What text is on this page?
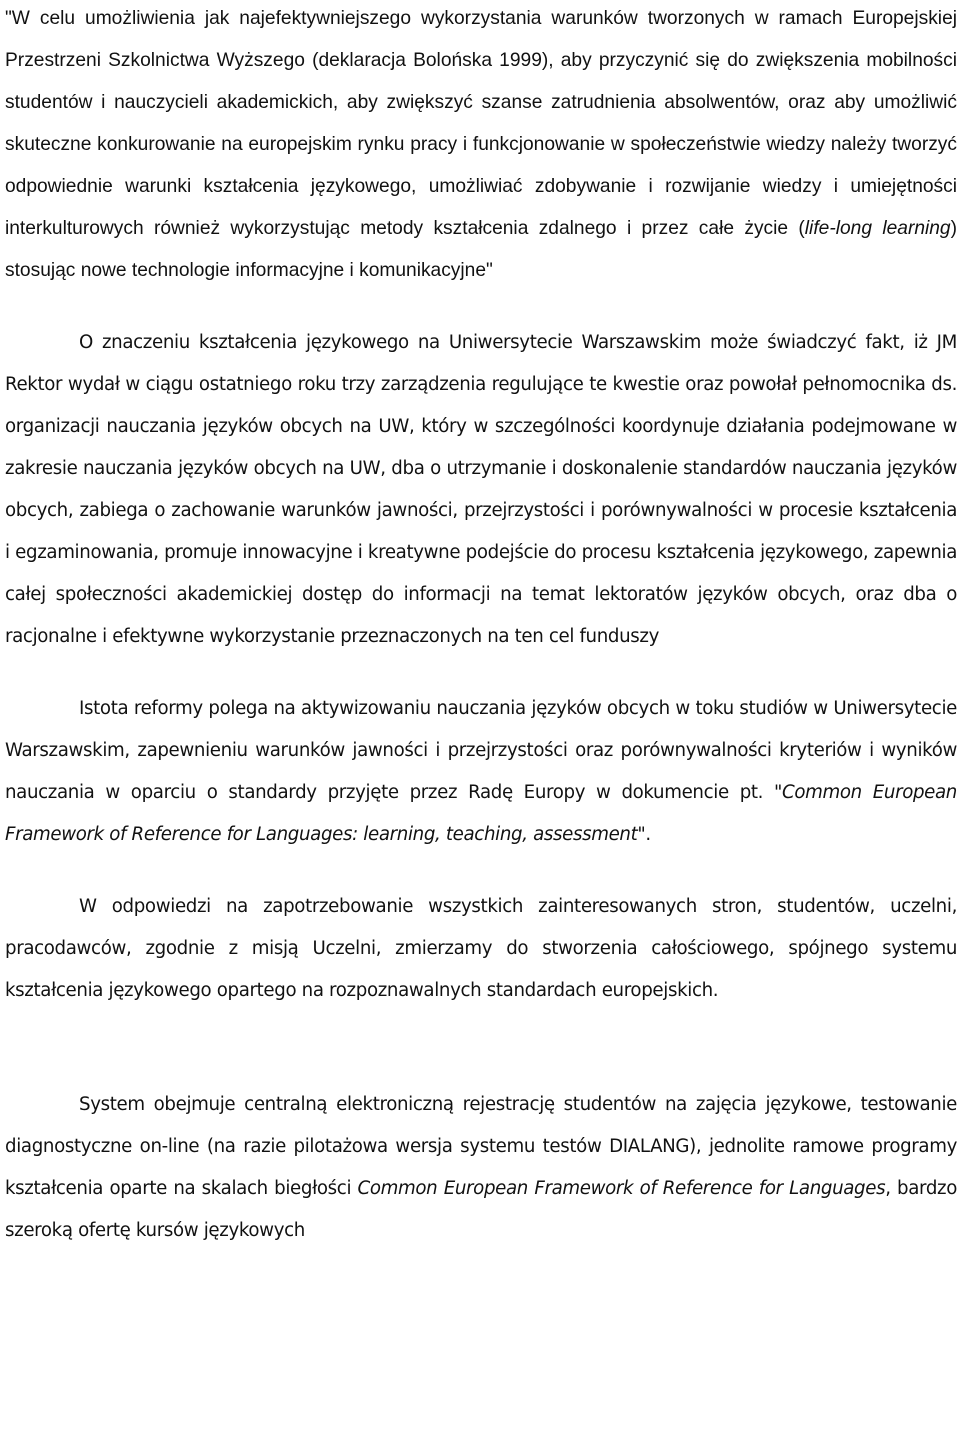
"W celu umożliwienia jak najefektywniejszego wykorzystania warunków tworzonych w ramach Europejskiej Przestrzeni Szkolnictwa Wyższego (deklaracja Bolońska 1999), aby przyczynić się do zwiększenia mobilności studentów i nauczycieli akademickich, aby zwiększyć szanse zatrudnienia absolwentów, oraz aby umożliwić skuteczne konkurowanie na europejskim rynku pracy i funkcjonowanie w społeczeństwie wiedzy należy tworzyć odpowiednie warunki kształcenia językowego, umożliwiać zdobywanie i rozwijanie wiedzy i umiejętności interkulturowych również wykorzystując metody kształcenia zdalnego i przez całe życie (life-long learning) stosując nowe technologie informacyjne i komunikacyjne"

O znaczeniu kształcenia językowego na Uniwersytecie Warszawskim może świadczyć fakt, iż JM Rektor wydał w ciągu ostatniego roku trzy zarządzenia regulujące te kwestie oraz powołał pełnomocnika ds. organizacji nauczania języków obcych na UW, który w szczególności koordynuje działania podejmowane w zakresie nauczania języków obcych na UW, dba o utrzymanie i doskonalenie standardów nauczania języków obcych, zabiega o zachowanie warunków jawności, przejrzystości i porównywalności w procesie kształcenia i egzaminowania, promuje innowacyjne i kreatywne podejście do procesu kształcenia językowego, zapewnia całej społeczności akademickiej dostęp do informacji na temat lektoratów języków obcych, oraz dba o racjonalne i efektywne wykorzystanie przeznaczonych na ten cel funduszy

Istota reformy polega na aktywizowaniu nauczania języków obcych w toku studiów w Uniwersytecie Warszawskim, zapewnieniu warunków jawności i przejrzystości oraz porównywalności kryteriów i wyników nauczania w oparciu o standardy przyjęte przez Radę Europy w dokumencie pt. "Common European Framework of Reference for Languages: learning, teaching, assessment".

W odpowiedzi na zapotrzebowanie wszystkich zainteresowanych stron, studentów, uczelni, pracodawców, zgodnie z misją Uczelni, zmierzamy do stworzenia całościowego, spójnego systemu kształcenia językowego opartego na rozpoznawalnych standardach europejskich.

System obejmuje centralną elektroniczną rejestrację studentów na zajęcia językowe, testowanie diagnostyczne on-line (na razie pilotażowa wersja systemu testów DIALANG), jednolite ramowe programy kształcenia oparte na skalach biegłości Common European Framework of Reference for Languages, bardzo szeroką ofertę kursów językowych
